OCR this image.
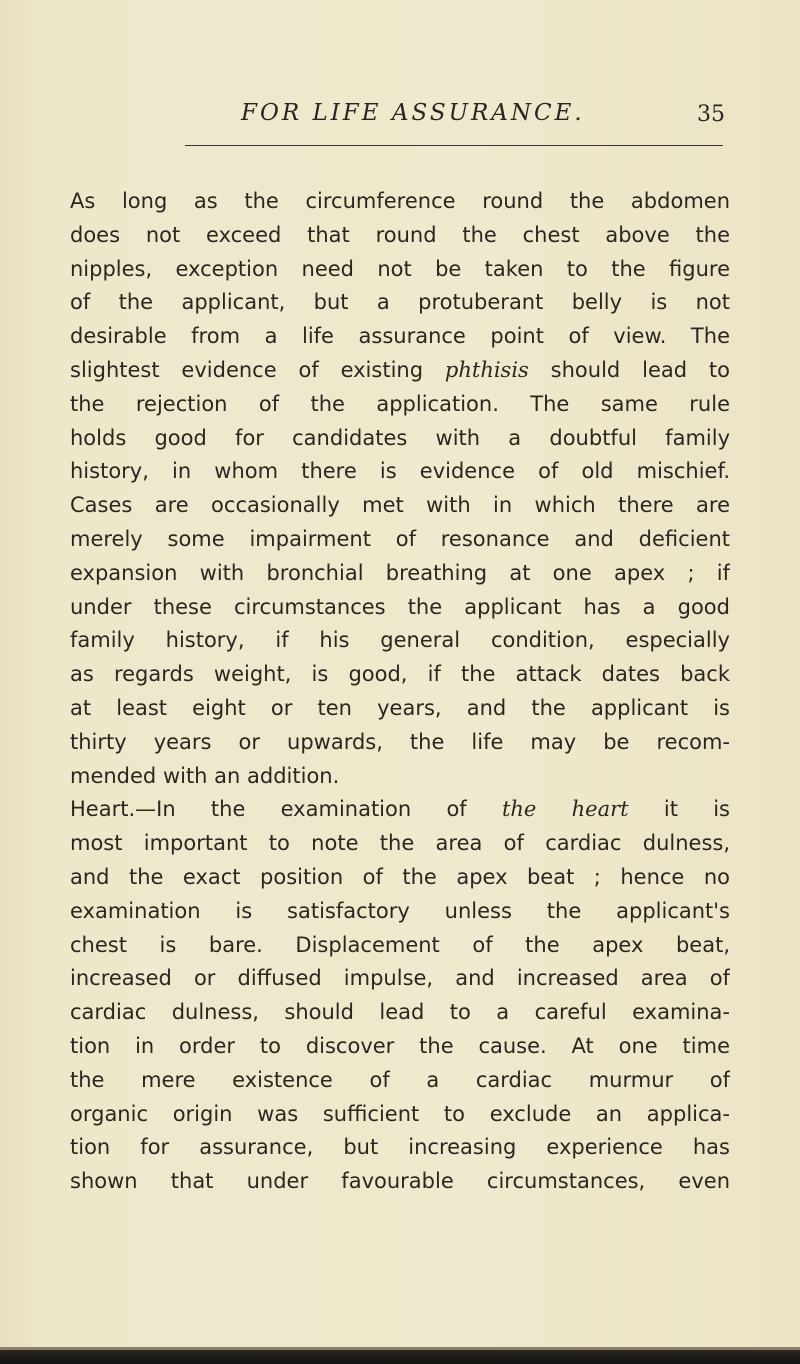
FOR LIFE ASSURANCE.	35
As long as the circumference round the abdomen
does not exceed that round the chest above the
nipples, exception need not be taken to the figure
of the applicant, but a protuberant belly is not
desirable from a life assurance point of view. The
slightest evidence of existing phthisis should lead to
the rejection of the application. The same rule
holds good for candidates with a doubtful family
history, in whom there is evidence of old mischief.
Cases are occasionally met with in which there are
merely some impairment of resonance and deficient
expansion with bronchial breathing at one apex ; if
under these circumstances the applicant has a good
family history, if his general condition, especially
as regards weight, is good, if the attack dates back
at least eight or ten years, and the applicant is
thirty years or upwards, the life may be recom-
mended with an addition.
Heart.—In the examination of the heart it is
most important to note the area of cardiac dulness,
and the exact position of the apex beat ; hence no
examination is satisfactory unless the applicant's
chest is bare. Displacement of the apex beat,
increased or diffused impulse, and increased area of
cardiac dulness, should lead to a careful examina-
tion in order to discover the cause. At one time
the mere existence of a cardiac murmur of
organic origin was sufficient to exclude an applica-
tion for assurance, but increasing experience has
shown that under favourable circumstances, even
